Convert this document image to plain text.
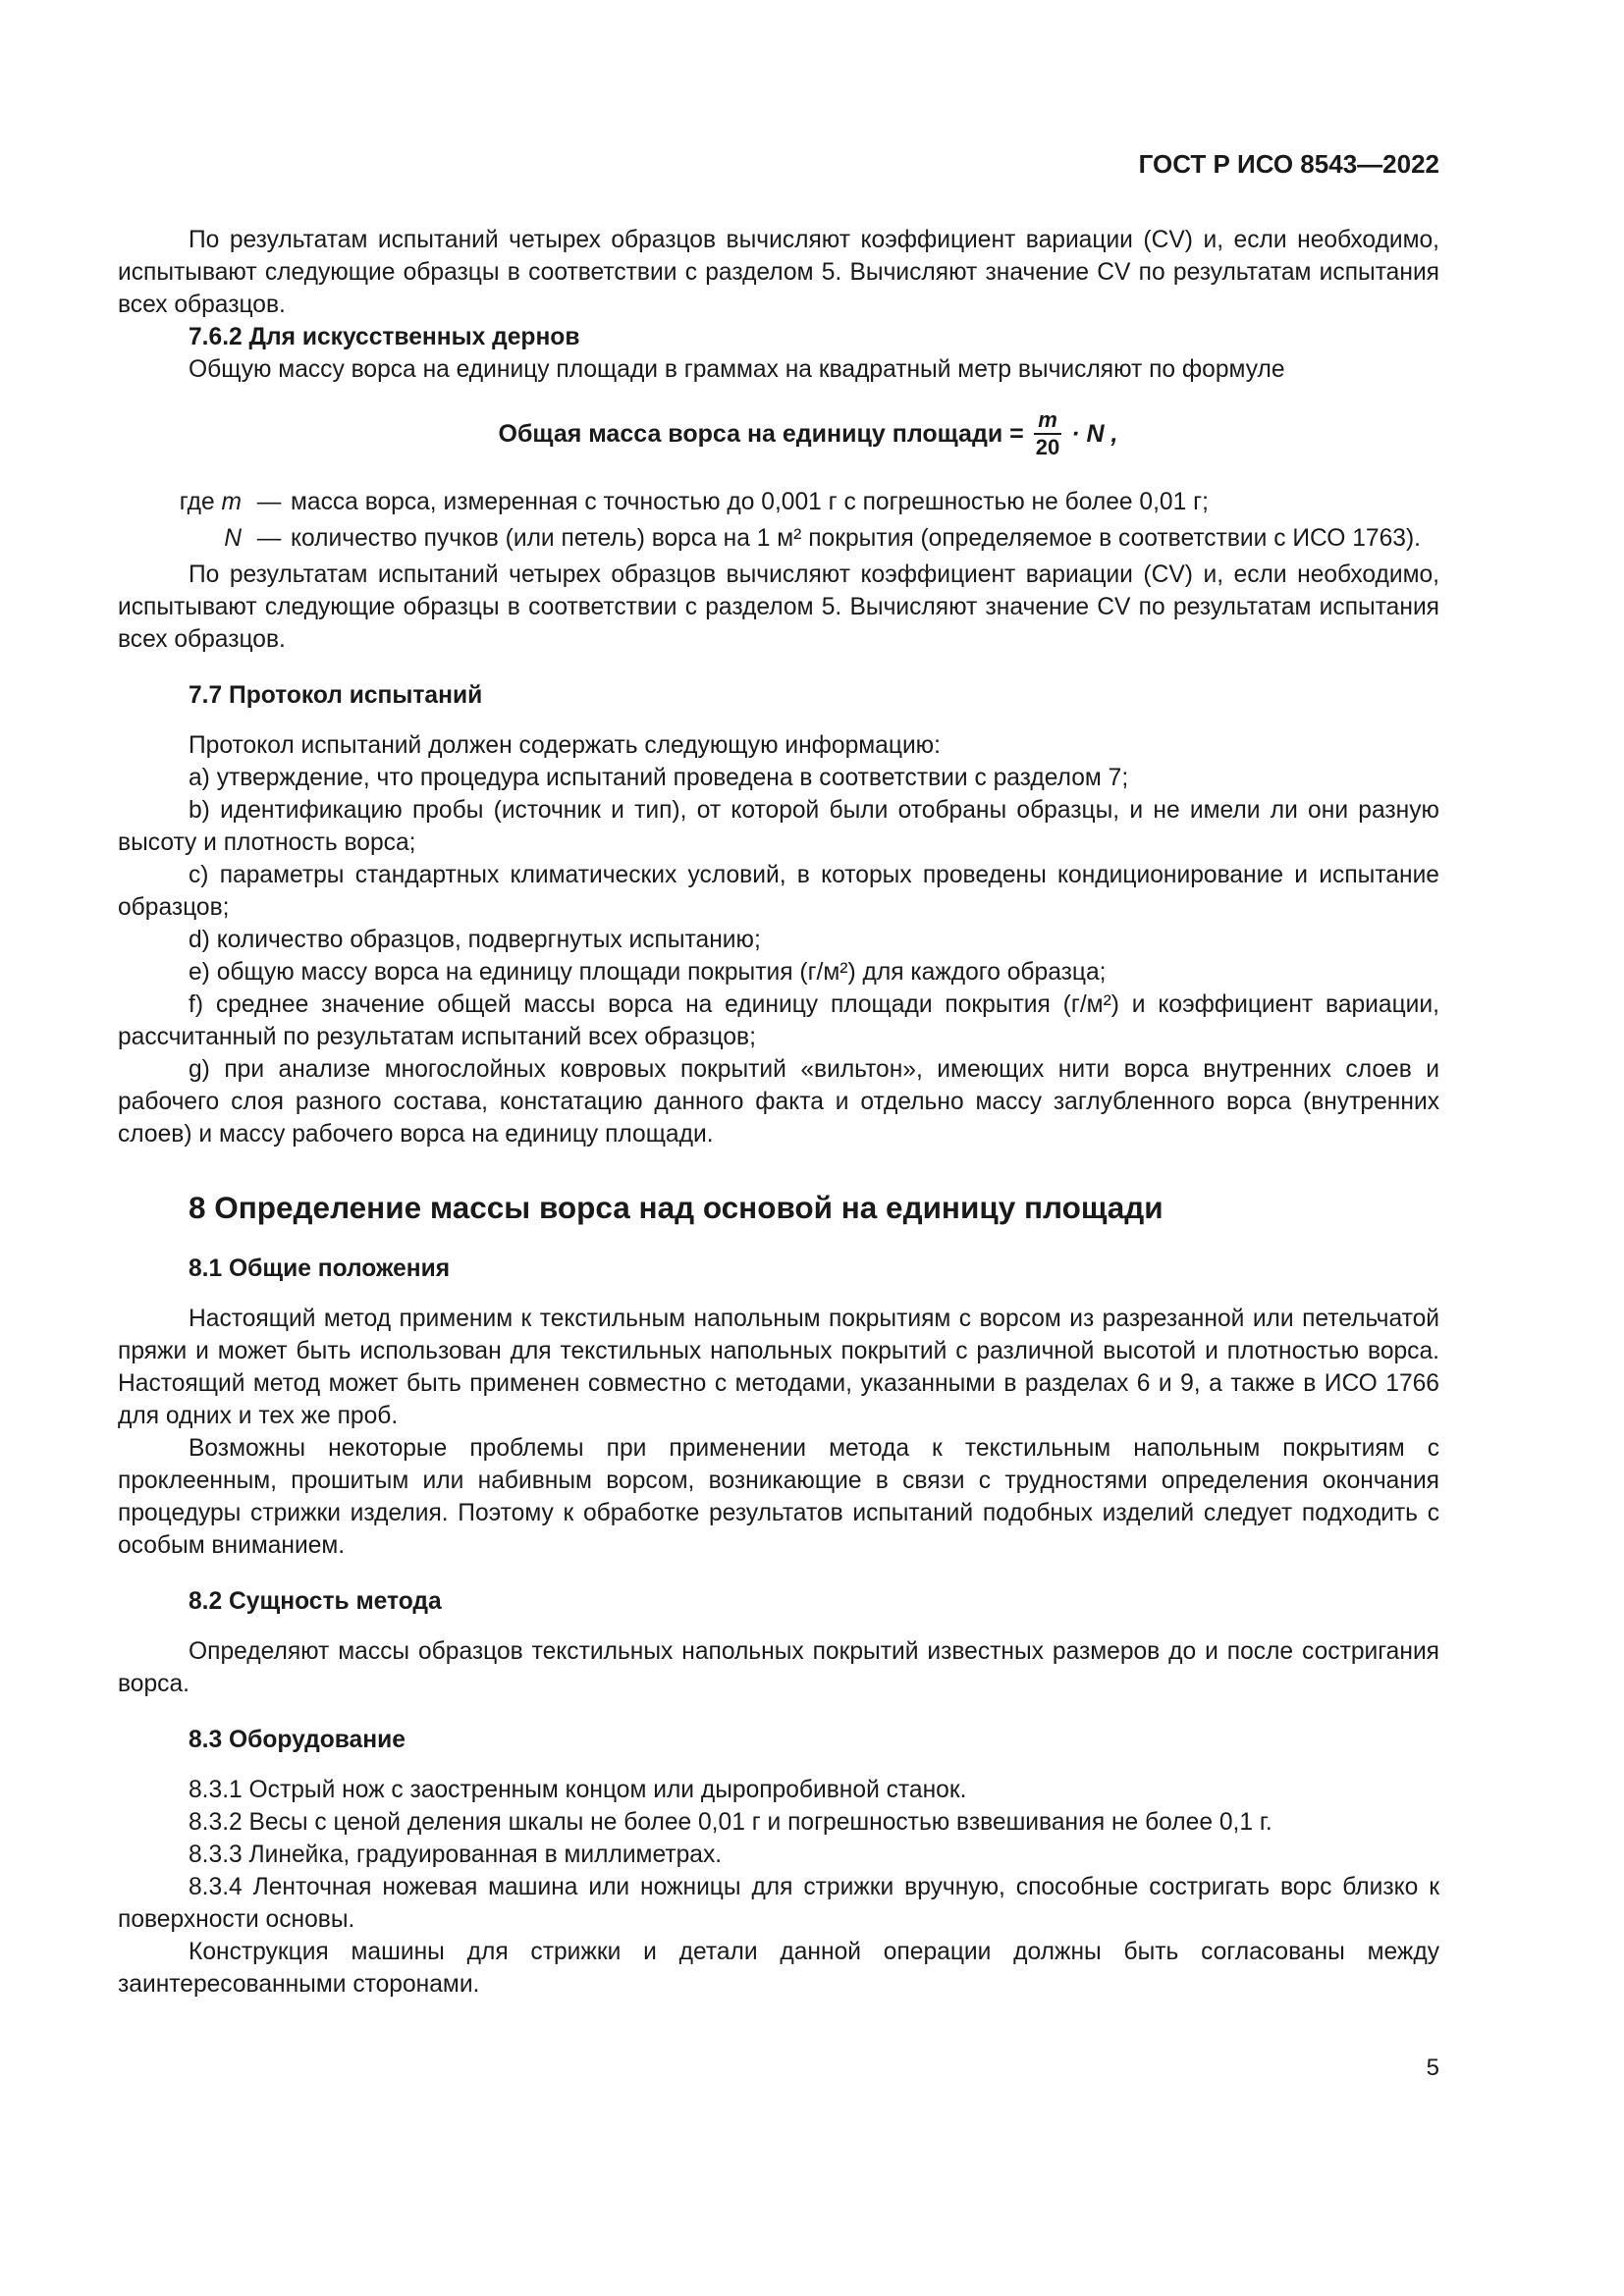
ГОСТ Р ИСО 8543—2022

По результатам испытаний четырех образцов вычисляют коэффициент вариации (CV) и, если необходимо, испытывают следующие образцы в соответствии с разделом 5. Вычисляют значение CV по результатам испытания всех образцов.

7.6.2 Для искусственных дернов

Общую массу ворса на единицу площади в граммах на квадратный метр вычисляют по формуле

Общая масса ворса на единицу площади = $\frac{m}{20} \cdot N$ ,
где m — масса ворса, измеренная с точностью до 0,001 г с погрешностью не более 0,01 г;
N — количество пучков (или петель) ворса на 1 м² покрытия (определяемое в соответствии с ИСО 1763).

По результатам испытаний четырех образцов вычисляют коэффициент вариации (CV) и, если необходимо, испытывают следующие образцы в соответствии с разделом 5. Вычисляют значение CV по результатам испытания всех образцов.

7.7 Протокол испытаний

Протокол испытаний должен содержать следующую информацию:

a) утверждение, что процедура испытаний проведена в соответствии с разделом 7;

b) идентификацию пробы (источник и тип), от которой были отобраны образцы, и не имели ли они разную высоту и плотность ворса;

c) параметры стандартных климатических условий, в которых проведены кондиционирование и испытание образцов;

d) количество образцов, подвергнутых испытанию;

e) общую массу ворса на единицу площади покрытия (г/м²) для каждого образца;

f) среднее значение общей массы ворса на единицу площади покрытия (г/м²) и коэффициент вариации, рассчитанный по результатам испытаний всех образцов;

g) при анализе многослойных ковровых покрытий «вильтон», имеющих нити ворса внутренних слоев и рабочего слоя разного состава, констатацию данного факта и отдельно массу заглубленного ворса (внутренних слоев) и массу рабочего ворса на единицу площади.

8 Определение массы ворса над основой на единицу площади
8.1 Общие положения

Настоящий метод применим к текстильным напольным покрытиям с ворсом из разрезанной или петельчатой пряжи и может быть использован для текстильных напольных покрытий с различной высотой и плотностью ворса. Настоящий метод может быть применен совместно с методами, указанными в разделах 6 и 9, а также в ИСО 1766 для одних и тех же проб.

Возможны некоторые проблемы при применении метода к текстильным напольным покрытиям с проклеенным, прошитым или набивным ворсом, возникающие в связи с трудностями определения окончания процедуры стрижки изделия. Поэтому к обработке результатов испытаний подобных изделий следует подходить с особым вниманием.

8.2 Сущность метода

Определяют массы образцов текстильных напольных покрытий известных размеров до и после состригания ворса.

8.3 Оборудование

8.3.1 Острый нож с заостренным концом или дыропробивной станок.

8.3.2 Весы с ценой деления шкалы не более 0,01 г и погрешностью взвешивания не более 0,1 г.

8.3.3 Линейка, градуированная в миллиметрах.

8.3.4 Ленточная ножевая машина или ножницы для стрижки вручную, способные состригать ворс близко к поверхности основы.

Конструкция машины для стрижки и детали данной операции должны быть согласованы между заинтересованными сторонами.

5
